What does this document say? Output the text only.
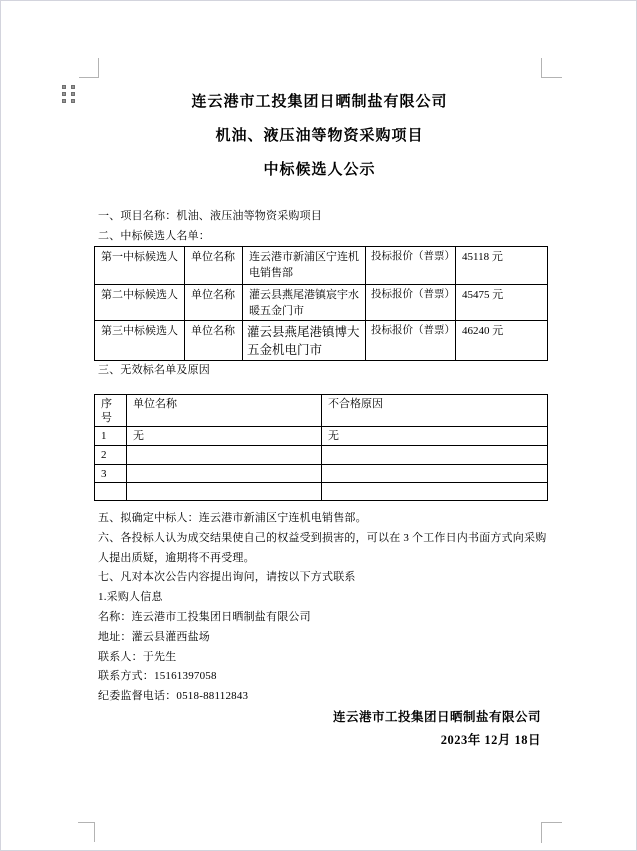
连云港市工投集团日晒制盐有限公司
机油、液压油等物资采购项目
中标候选人公示
一、项目名称：机油、液压油等物资采购项目
二、中标候选人名单：
第一中标候选人	单位名称	连云港市新浦区宁连机电销售部	投标报价（普票）	45118 元
第二中标候选人	单位名称	灌云县燕尾港镇宸宇水暖五金门市	投标报价（普票）	45475 元
第三中标候选人	单位名称	灌云县燕尾港镇博大五金机电门市	投标报价（普票）	46240 元
三、无效标名单及原因
序号	单位名称	不合格原因
1	无	无
2		
3		

五、拟确定中标人：连云港市新浦区宁连机电销售部。
六、各投标人认为成交结果使自己的权益受到损害的，可以在 3 个工作日内书面方式向采购人提出质疑，逾期将不再受理。
七、凡对本次公告内容提出询问，请按以下方式联系
1.采购人信息
名称：连云港市工投集团日晒制盐有限公司
地址：灌云县灌西盐场
联系人：于先生
联系方式：15161397058
纪委监督电话：0518-88112843
连云港市工投集团日晒制盐有限公司
2023年 12月 18日
